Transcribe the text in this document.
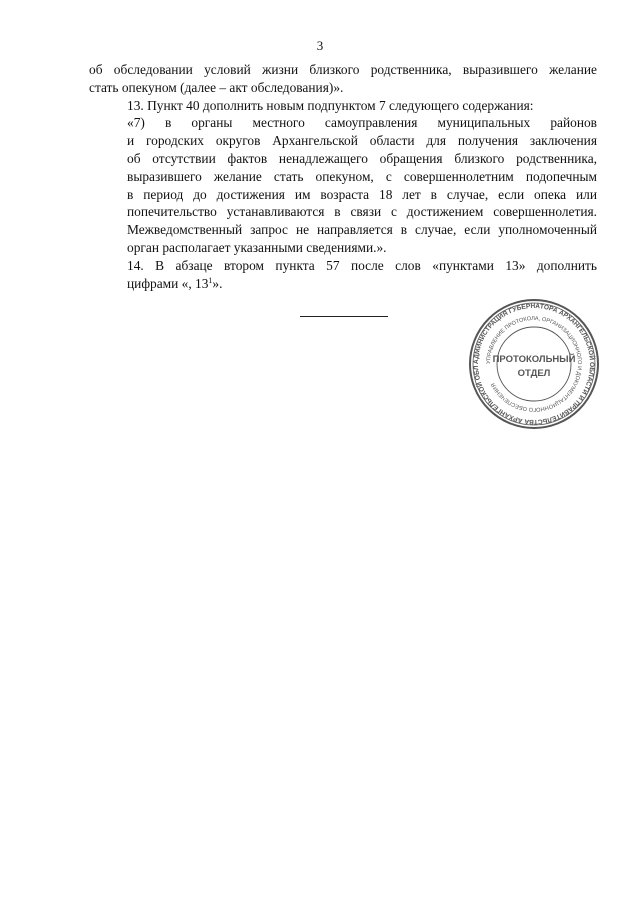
3

об обследовании условий жизни близкого родственника, выразившего желание
стать опекуном (далее – акт обследования)».

13. Пункт 40 дополнить новым подпунктом 7 следующего содержания:

«7) в органы местного самоуправления муниципальных районов
и городских округов Архангельской области для получения заключения
об отсутствии фактов ненадлежащего обращения близкого родственника,
выразившего желание стать опекуном, с совершеннолетним подопечным
в период до достижения им возраста 18 лет в случае, если опека или
попечительство устанавливаются в связи с достижением совершеннолетия.
Межведомственный запрос не направляется в случае, если уполномоченный
орган располагает указанными сведениями.».

14. В абзаце втором пункта 57 после слов «пунктами 13» дополнить
цифрами «, $13^1$».

АДМИНИСТРАЦИЯ ГУБЕРНАТОРА АРХАНГЕЛЬСКОЙ ОБЛАСТИ И ПРАВИТЕЛЬСТВА АРХАНГЕЛЬСКОЙ ОБЛ
УПРАВЛЕНИЕ ПРОТОКОЛА, ОРГАНИЗАЦИОННОГО И ДОКУМЕНТАЦИОННОГО ОБЕСПЕЧЕНИЯ
ПРОТОКОЛЬНЫЙ
ОТДЕЛ
